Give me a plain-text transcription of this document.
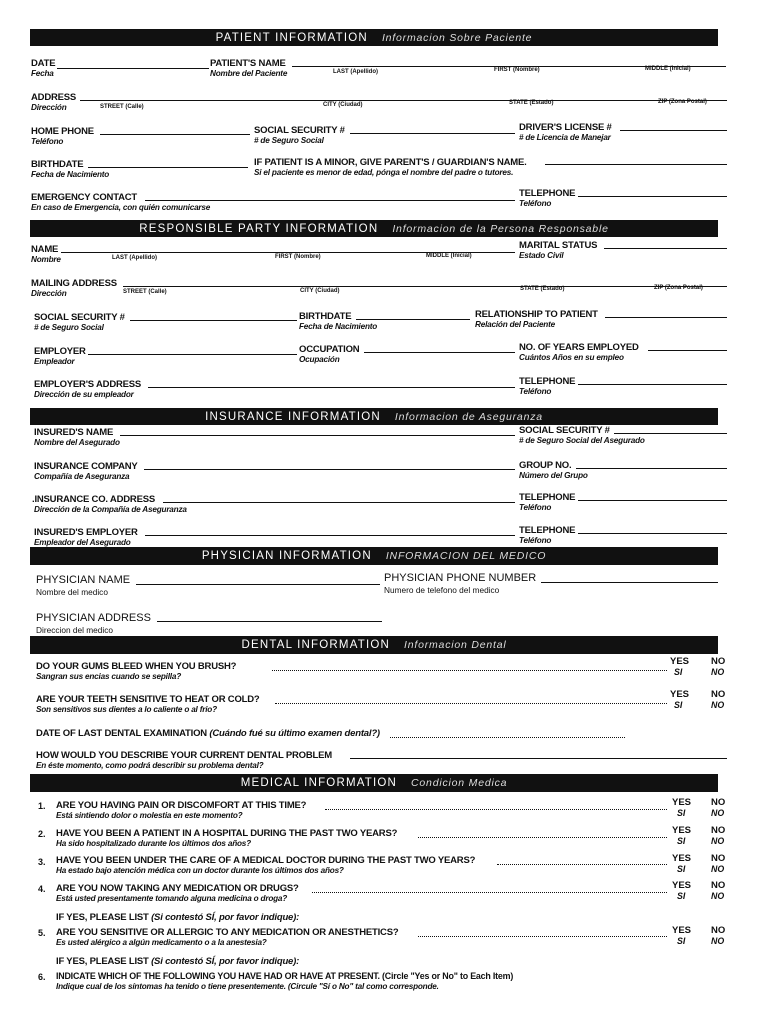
PATIENT INFORMATION Informacion Sobre Paciente
DATE
Fecha
PATIENT'S NAME
Nombre del Paciente	LAST (Apellido)	FIRST (Nombre)	MIDDLE (Inicial)
ADDRESS
Dirección	STREET (Calle)	CITY (Ciudad)	STATE (Estado)	ZIP (Zona Postal)
HOME PHONE
Teléfono
SOCIAL SECURITY #
# de Seguro Social
DRIVER'S LICENSE #
# de Licencia de Manejar
BIRTHDATE
Fecha de Nacimiento
IF PATIENT IS A MINOR, GIVE PARENT'S / GUARDIAN'S NAME.
Si el paciente es menor de edad, pónga el nombre del padre o tutores.
EMERGENCY CONTACT
En caso de Emergencia, con quién comunicarse
TELEPHONE
Teléfono
RESPONSIBLE PARTY INFORMATION Informacion de la Persona Responsable
NAME
Nombre	LAST (Apellido)	FIRST (Nombre)	MIDDLE (Inicial)
MARITAL STATUS
Estado Civil
MAILING ADDRESS
Dirección	STREET (Calle)	CITY (Ciudad)	STATE (Estado)	ZIP (Zona Postal)
SOCIAL SECURITY #
# de Seguro Social
BIRTHDATE
Fecha de Nacimiento
RELATIONSHIP TO PATIENT
Relación del Paciente
EMPLOYER
Empleador
OCCUPATION
Ocupación
NO. OF YEARS EMPLOYED
Cuántos Años en su empleo
EMPLOYER'S ADDRESS
Dirección de su empleador
TELEPHONE
Teléfono
INSURANCE INFORMATION Informacion de Aseguranza
INSURED'S NAME
Nombre del Asegurado
SOCIAL SECURITY #
# de Seguro Social del Asegurado
INSURANCE COMPANY
Compañía de Aseguranza
GROUP NO.
Número del Grupo
.INSURANCE CO. ADDRESS
Dirección de la Compañía de Aseguranza
TELEPHONE
Teléfono
INSURED'S EMPLOYER
Empleador del Asegurado
TELEPHONE
Teléfono
PHYSICIAN INFORMATION INFORMACION DEL MEDICO
PHYSICIAN NAME
Nombre del medico
PHYSICIAN PHONE NUMBER
Numero de telefono del medico
PHYSICIAN ADDRESS
Direccion del medico
DENTAL INFORMATION Informacion Dental
DO YOUR GUMS BLEED WHEN YOU BRUSH?
Sangran sus encias cuando se sepilla?
YES
SI
NO
NO
ARE YOUR TEETH SENSITIVE TO HEAT OR COLD?
Son sensitivos sus dientes a lo caliente o al frio?
YES
SI
NO
NO
DATE OF LAST DENTAL EXAMINATION (Cuándo fué su último examen dental?)
HOW WOULD YOU DESCRIBE YOUR CURRENT DENTAL PROBLEM
En éste momento, como podrá describir su problema dental?
MEDICAL INFORMATION Condicion Medica
1. ARE YOU HAVING PAIN OR DISCOMFORT AT THIS TIME?
Está sintiendo dolor o molestia en este momento?
YES
SI
NO
NO
2. HAVE YOU BEEN A PATIENT IN A HOSPITAL DURING THE PAST TWO YEARS?
Ha sido hospitalizado durante los últimos dos años?
YES
SI
NO
NO
3. HAVE YOU BEEN UNDER THE CARE OF A MEDICAL DOCTOR DURING THE PAST TWO YEARS?
Ha estado bajo atención médica con un doctor durante los últimos dos años?
YES
SI
NO
NO
4. ARE YOU NOW TAKING ANY MEDICATION OR DRUGS?
Está usted presentamente tomando alguna medicina o droga?
YES
SI
NO
NO
IF YES, PLEASE LIST (Si contestó SÍ, por favor indique):
5. ARE YOU SENSITIVE OR ALLERGIC TO ANY MEDICATION OR ANESTHETICS?
Es usted alérgico a algún medicamento o a la anestesia?
YES
SI
NO
NO
IF YES, PLEASE LIST (Si contestó SÍ, por favor indique):
6. INDICATE WHICH OF THE FOLLOWING YOU HAVE HAD OR HAVE AT PRESENT. (Circle "Yes or No" to Each Item)
Indique cual de los síntomas ha tenido o tiene presentemente. (Circule "Sí o No" tal como corresponde.
